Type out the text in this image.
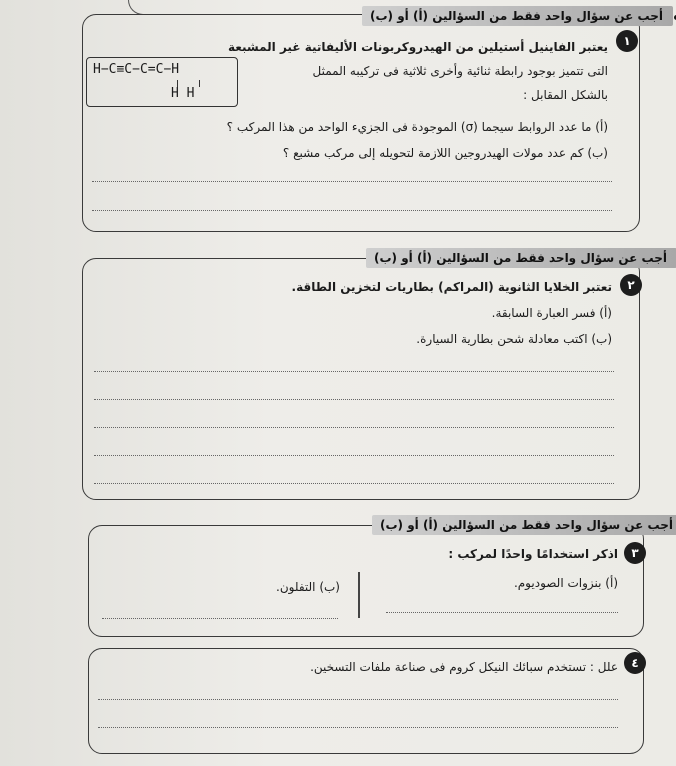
أجب عن سؤال واحد فقط من السؤالين (أ) أو (ب)
١
يعتبر الفاينيل أستيلين من الهيدروكربونات الأليفاتية غير المشبعة
التى تتميز بوجود رابطة ثنائية وأخرى ثلاثية فى تركيبه الممثل
بالشكل المقابل :
H−C≡C−C=C−H
H H
(أ) ما عدد الروابط سيجما (σ) الموجودة فى الجزيء الواحد من هذا المركب ؟
(ب) كم عدد مولات الهيدروجين اللازمة لتحويله إلى مركب مشبع ؟
أجب عن سؤال واحد فقط من السؤالين (أ) أو (ب)
٢
تعتبر الخلايا الثانوية (المراكم) بطاريات لتخزين الطاقة.
(أ) فسر العبارة السابقة.
(ب) اكتب معادلة شحن بطارية السيارة.
أجب عن سؤال واحد فقط من السؤالين (أ) أو (ب)
٣
اذكر استخدامًا واحدًا لمركب :
(أ) بنزوات الصوديوم.
(ب) التفلون.
٤
علل : تستخدم سبائك النيكل كروم فى صناعة ملفات التسخين.
